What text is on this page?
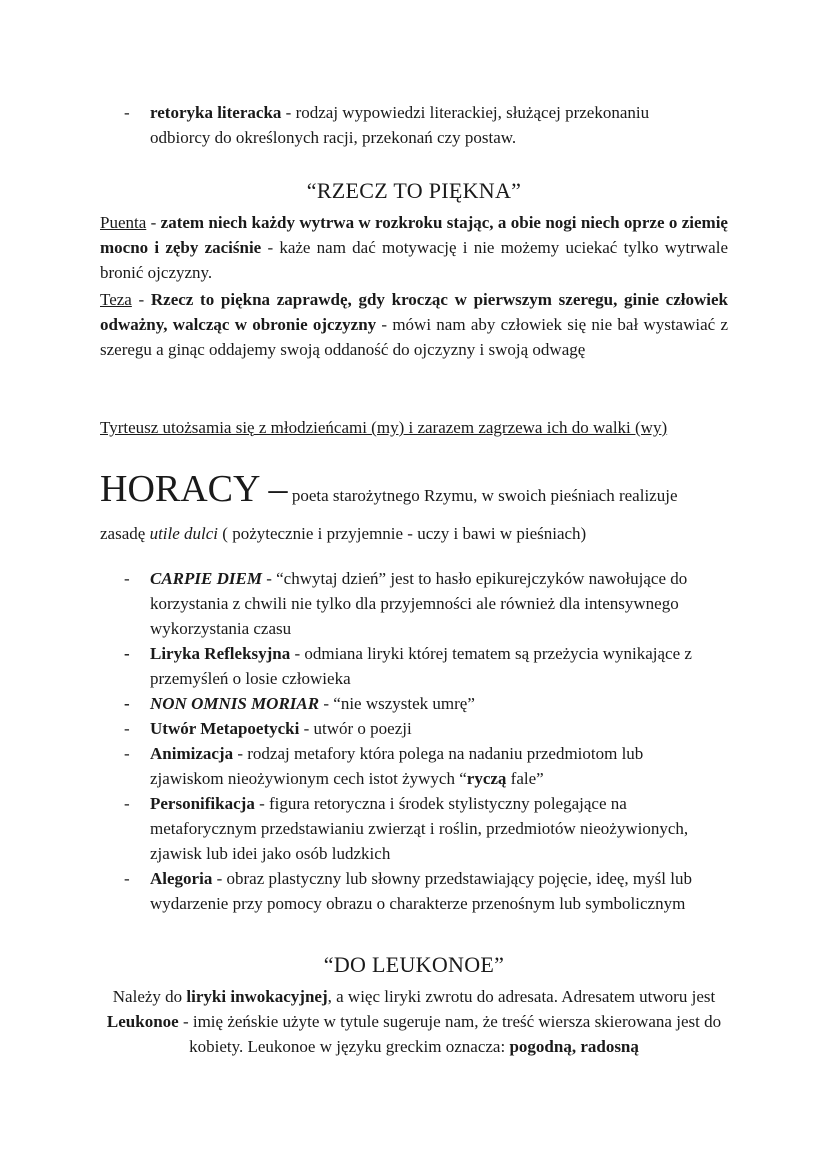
- retoryka literacka - rodzaj wypowiedzi literackiej, służącej przekonaniu odbiorcy do określonych racji, przekonań czy postaw.
“RZECZ TO PIĘKNA”
Puenta - zatem niech każdy wytrwa w rozkroku stając, a obie nogi niech oprze o ziemię mocno i zęby zaciśnie - każe nam dać motywację i nie możemy uciekać tylko wytrwale bronić ojczyzny.
Teza - Rzecz to piękna zaprawdę, gdy krocząc w pierwszym szeregu, ginie człowiek odważny, walcząc w obronie ojczyzny - mówi nam aby człowiek się nie bał wystawiać z szeregu a ginąc oddajemy swoją oddaność do ojczyzny i swoją odwagę
Tyrteusz utożsamia się z młodzieńcami (my) i zarazem zagrzewa ich do walki (wy)
HORACY – poeta starożytnego Rzymu, w swoich pieśniach realizuje zasadę utile dulci ( pożytecznie i przyjemnie - uczy i bawi w pieśniach)
- CARPIE DIEM - “chwytaj dzień” jest to hasło epikurejczyków nawołujące do korzystania z chwili nie tylko dla przyjemności ale również dla intensywnego wykorzystania czasu
- Liryka Refleksyjna - odmiana liryki której tematem są przeżycia wynikające z przemyśleń o losie człowieka
- NON OMNIS MORIAR - “nie wszystek umrę”
- Utwór Metapoetycki - utwór o poezji
- Animizacja - rodzaj metafory która polega na nadaniu przedmiotom lub zjawiskom nieożywionym cech istot żywych “ryczą fale”
- Personifikacja - figura retoryczna i środek stylistyczny polegające na metaforycznym przedstawianiu zwierząt i roślin, przedmiotów nieożywionych, zjawisk lub idei jako osób ludzkich
- Alegoria - obraz plastyczny lub słowny przedstawiający pojęcie, ideę, myśl lub wydarzenie przy pomocy obrazu o charakterze przenośnym lub symbolicznym
“DO LEUKONOE”
Należy do liryki inwokacyjnej, a więc liryki zwrotu do adresata. Adresatem utworu jest Leukonoe - imię żeńskie użyte w tytule sugeruje nam, że treść wiersza skierowana jest do kobiety. Leukonoe w języku greckim oznacza: pogodną, radosną
